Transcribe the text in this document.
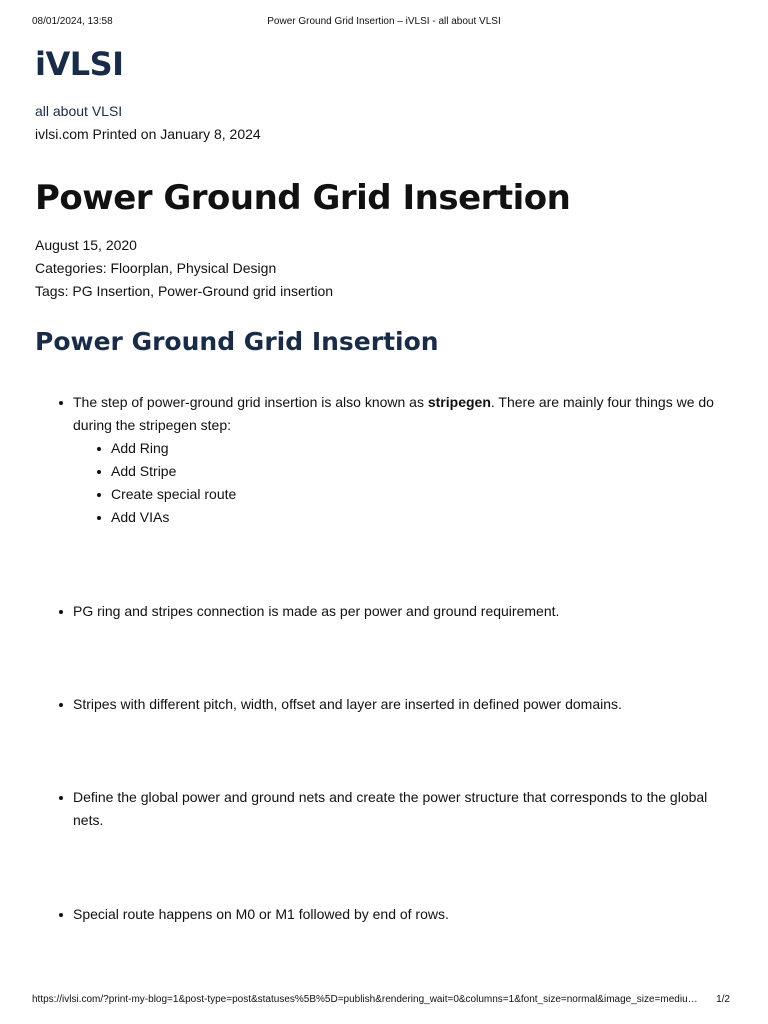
08/01/2024, 13:58	Power Ground Grid Insertion – iVLSI - all about VLSI
iVLSI
all about VLSI
ivlsi.com Printed on January 8, 2024
Power Ground Grid Insertion
August 15, 2020
Categories: Floorplan, Physical Design
Tags: PG Insertion, Power-Ground grid insertion
Power Ground Grid Insertion
The step of power-ground grid insertion is also known as stripegen. There are mainly four things we do during the stripegen step:
Add Ring
Add Stripe
Create special route
Add VIAs
PG ring and stripes connection is made as per power and ground requirement.
Stripes with different pitch, width, offset and layer are inserted in defined power domains.
Define the global power and ground nets and create the power structure that corresponds to the global nets.
Special route happens on M0 or M1 followed by end of rows.
https://ivlsi.com/?print-my-blog=1&post-type=post&statuses%5B%5D=publish&rendering_wait=0&columns=1&font_size=normal&image_size=mediu…	1/2
